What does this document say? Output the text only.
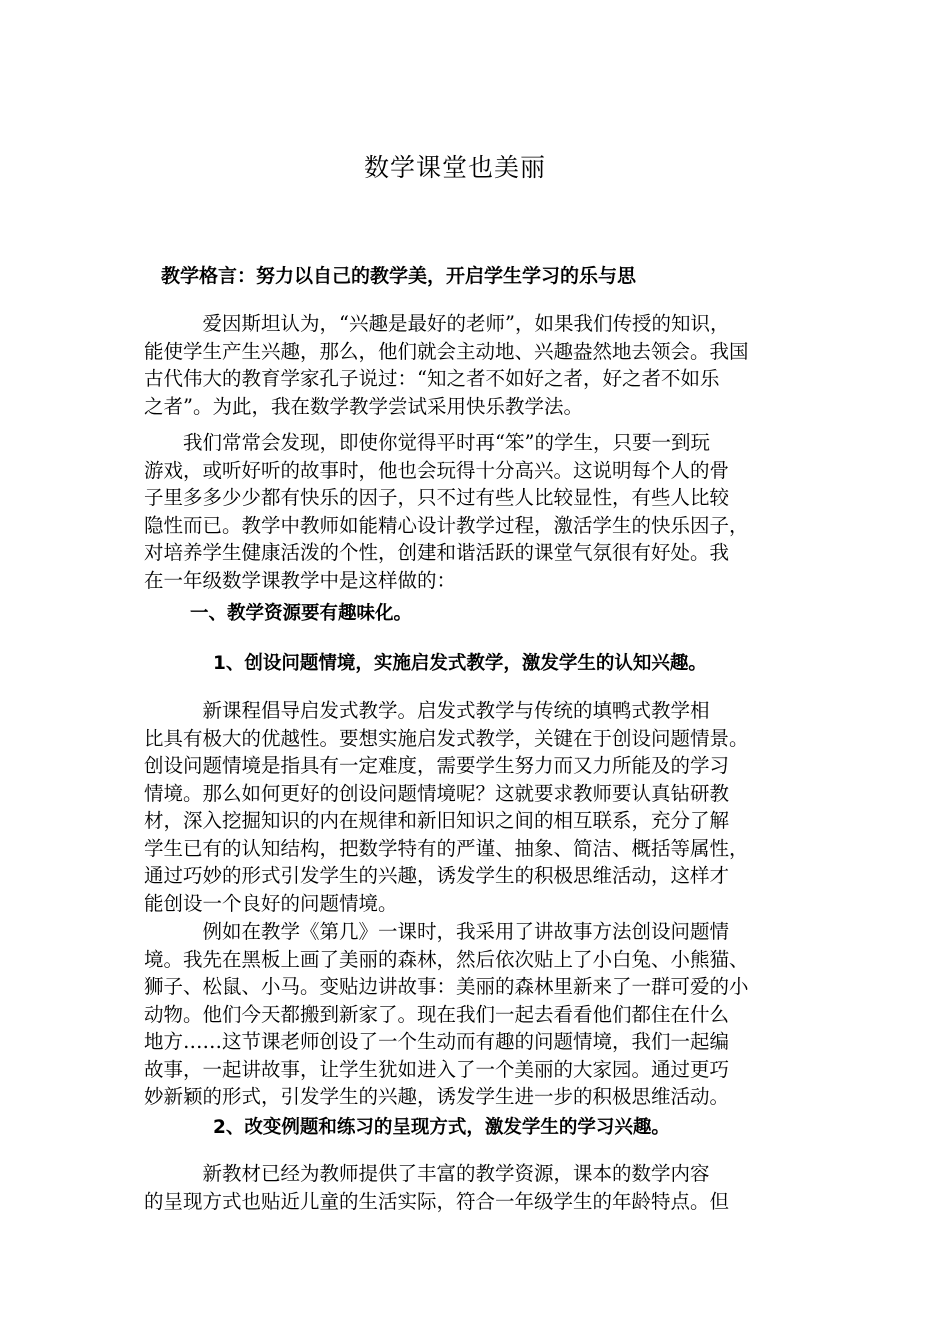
数学课堂也美丽
教学格言：努力以自己的教学美，开启学生学习的乐与思
　　　爱因斯坦认为，“兴趣是最好的老师”，如果我们传授的知识，
能使学生产生兴趣，那么，他们就会主动地、兴趣盎然地去领会。我国
古代伟大的教育学家孔子说过：“知之者不如好之者，好之者不如乐
之者”。为此，我在数学教学尝试采用快乐教学法。
　　我们常常会发现，即使你觉得平时再“笨”的学生，只要一到玩
游戏，或听好听的故事时，他也会玩得十分高兴。这说明每个人的骨
子里多多少少都有快乐的因子，只不过有些人比较显性，有些人比较
隐性而已。教学中教师如能精心设计教学过程，激活学生的快乐因子，
对培养学生健康活泼的个性，创建和谐活跃的课堂气氛很有好处。我
在一年级数学课教学中是这样做的：
一、教学资源要有趣味化。
1、创设问题情境，实施启发式教学，激发学生的认知兴趣。
　　　新课程倡导启发式教学。启发式教学与传统的填鸭式教学相
比具有极大的优越性。要想实施启发式教学，关键在于创设问题情景。
创设问题情境是指具有一定难度，需要学生努力而又力所能及的学习
情境。那么如何更好的创设问题情境呢？这就要求教师要认真钻研教
材，深入挖掘知识的内在规律和新旧知识之间的相互联系，充分了解
学生已有的认知结构，把数学特有的严谨、抽象、简洁、概括等属性，
通过巧妙的形式引发学生的兴趣，诱发学生的积极思维活动，这样才
能创设一个良好的问题情境。
　　　例如在教学《第几》一课时，我采用了讲故事方法创设问题情
境。我先在黑板上画了美丽的森林，然后依次贴上了小白兔、小熊猫、
狮子、松鼠、小马。变贴边讲故事：美丽的森林里新来了一群可爱的小
动物。他们今天都搬到新家了。现在我们一起去看看他们都住在什么
地方……这节课老师创设了一个生动而有趣的问题情境，我们一起编
故事，一起讲故事，让学生犹如进入了一个美丽的大家园。通过更巧
妙新颖的形式，引发学生的兴趣，诱发学生进一步的积极思维活动。
2、改变例题和练习的呈现方式，激发学生的学习兴趣。
　　　新教材已经为教师提供了丰富的教学资源，课本的数学内容
的呈现方式也贴近儿童的生活实际，符合一年级学生的年龄特点。但
